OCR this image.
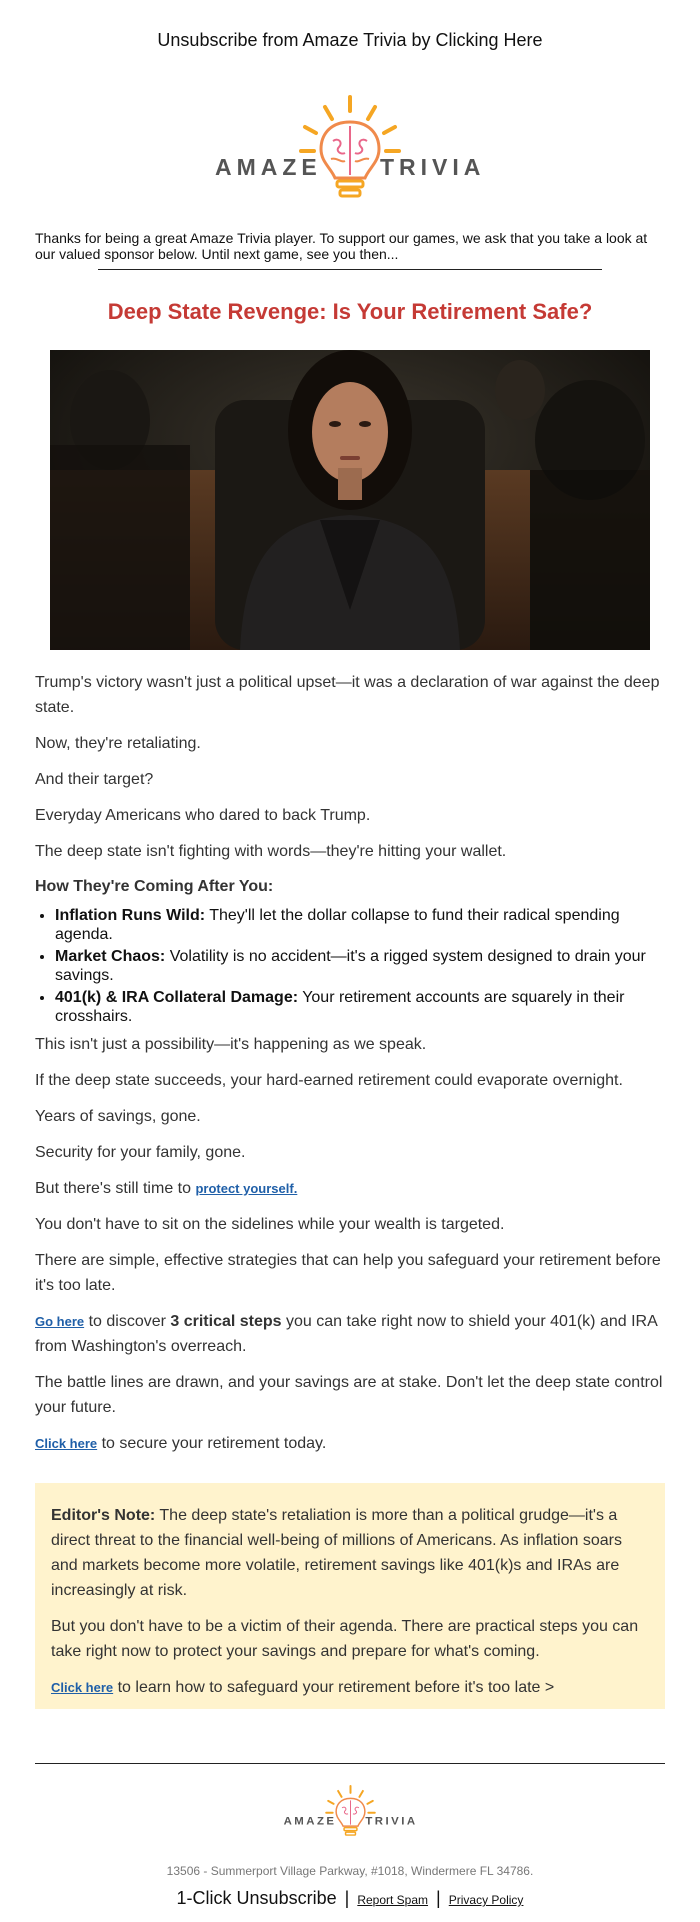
Unsubscribe from Amaze Trivia by Clicking Here
AMAZE	TRIVIA
Thanks for being a great Amaze Trivia player. To support our games, we ask that you take a look at our valued sponsor below. Until next game, see you then...
Deep State Revenge: Is Your Retirement Safe?

Trump's victory wasn't just a political upset—it was a declaration of war against the deep state.

Now, they're retaliating.

And their target?

Everyday Americans who dared to back Trump.

The deep state isn't fighting with words—they're hitting your wallet.

How They're Coming After You:
• Inflation Runs Wild: They'll let the dollar collapse to fund their radical spending agenda.
• Market Chaos: Volatility is no accident—it's a rigged system designed to drain your savings.
• 401(k) & IRA Collateral Damage: Your retirement accounts are squarely in their crosshairs.

This isn't just a possibility—it's happening as we speak.

If the deep state succeeds, your hard-earned retirement could evaporate overnight.

Years of savings, gone.

Security for your family, gone.

But there's still time to protect yourself.

You don't have to sit on the sidelines while your wealth is targeted.

There are simple, effective strategies that can help you safeguard your retirement before it's too late.

Go here to discover 3 critical steps you can take right now to shield your 401(k) and IRA from Washington's overreach.

The battle lines are drawn, and your savings are at stake. Don't let the deep state control your future.

Click here to secure your retirement today.

Editor's Note: The deep state's retaliation is more than a political grudge—it's a direct threat to the financial well-being of millions of Americans. As inflation soars and markets become more volatile, retirement savings like 401(k)s and IRAs are increasingly at risk.

But you don't have to be a victim of their agenda. There are practical steps you can take right now to protect your savings and prepare for what's coming.

Click here to learn how to safeguard your retirement before it's too late >

AMAZE TRIVIA
13506 - Summerport Village Parkway, #1018, Windermere FL 34786.
1-Click Unsubscribe | Report Spam | Privacy Policy
